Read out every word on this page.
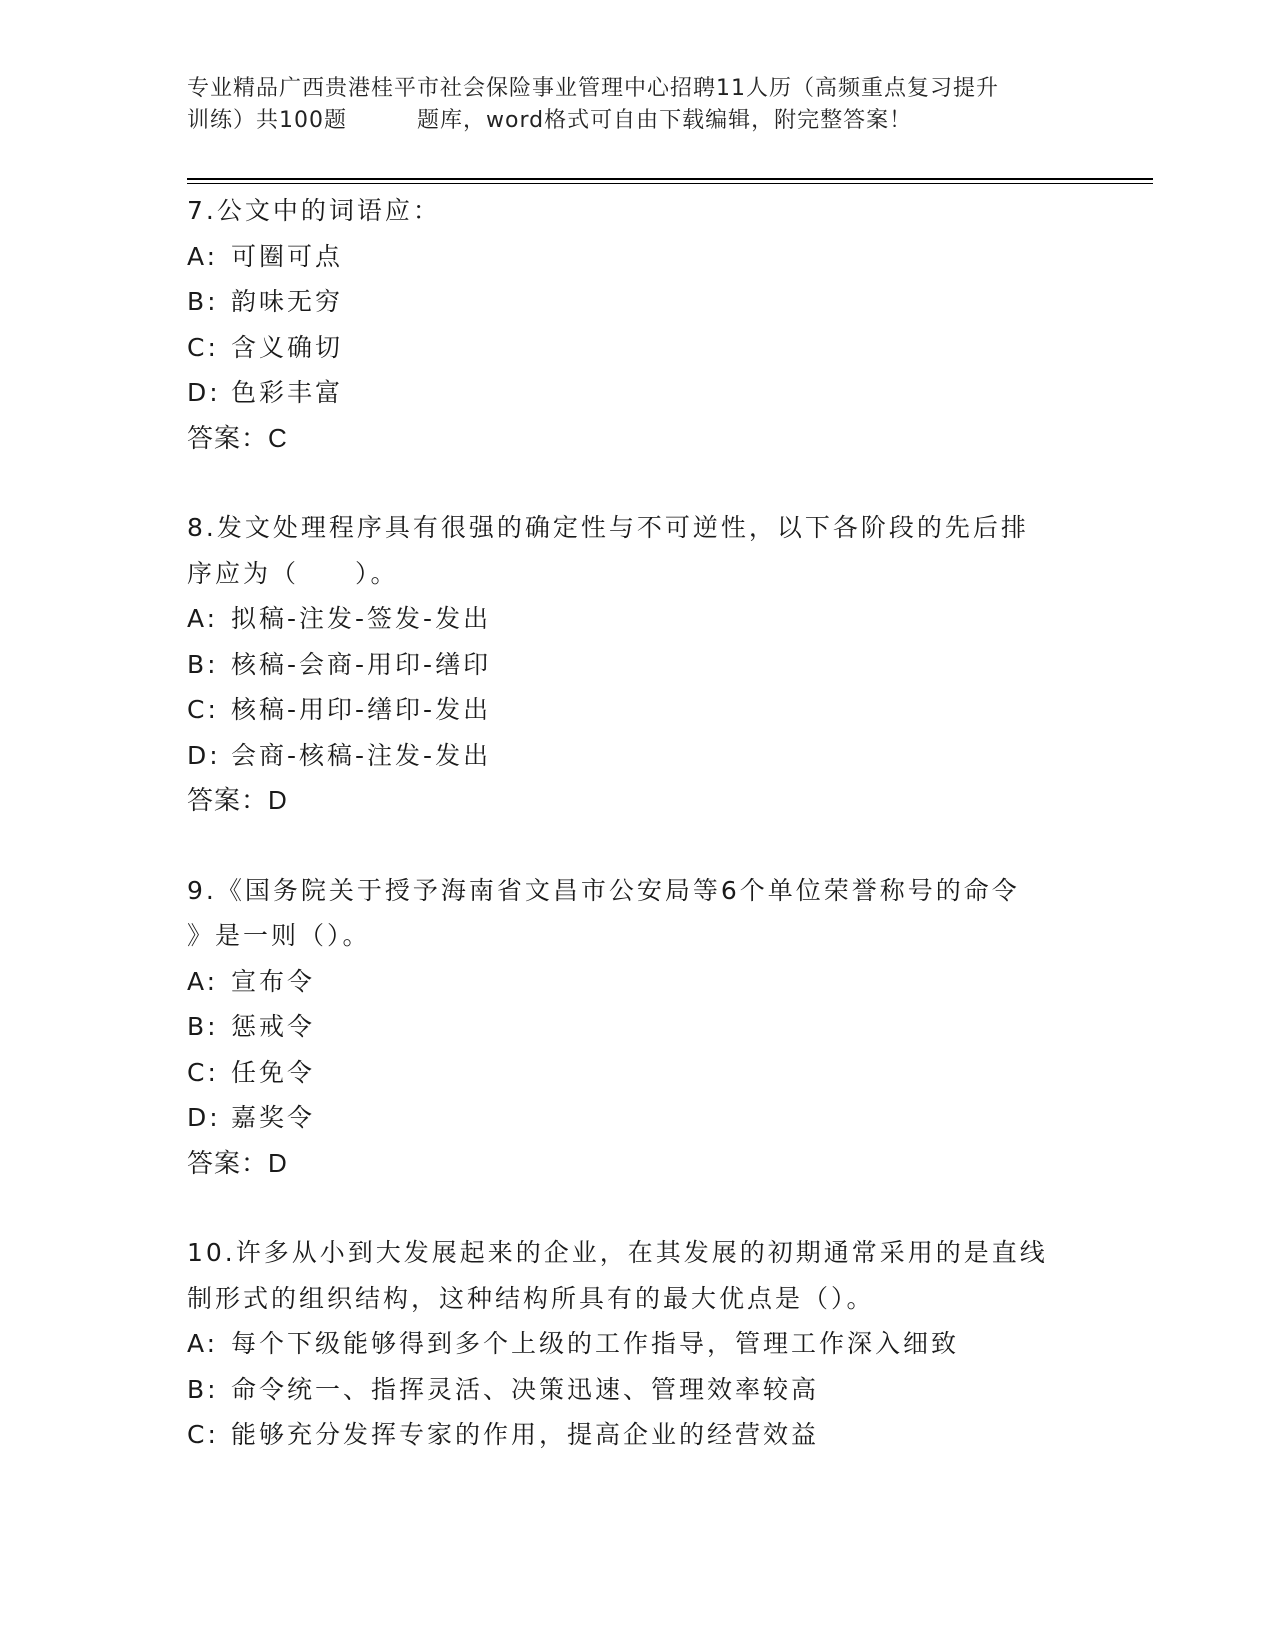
专业精品广西贵港桂平市社会保险事业管理中心招聘11人历（高频重点复习提升
训练）共100题	题库，word格式可自由下载编辑，附完整答案！
7.公文中的词语应：
A: 可圈可点
B: 韵味无穷
C: 含义确切
D: 色彩丰富
答案：C
8.发文处理程序具有很强的确定性与不可逆性，以下各阶段的先后排
序应为（　　）。
A: 拟稿-注发-签发-发出
B: 核稿-会商-用印-缮印
C: 核稿-用印-缮印-发出
D: 会商-核稿-注发-发出
答案：D
9.《国务院关于授予海南省文昌市公安局等6个单位荣誉称号的命令
》是一则（）。
A: 宣布令
B: 惩戒令
C: 任免令
D: 嘉奖令
答案：D
10.许多从小到大发展起来的企业，在其发展的初期通常采用的是直线
制形式的组织结构，这种结构所具有的最大优点是（）。
A: 每个下级能够得到多个上级的工作指导，管理工作深入细致
B: 命令统一、指挥灵活、决策迅速、管理效率较高
C: 能够充分发挥专家的作用，提高企业的经营效益
